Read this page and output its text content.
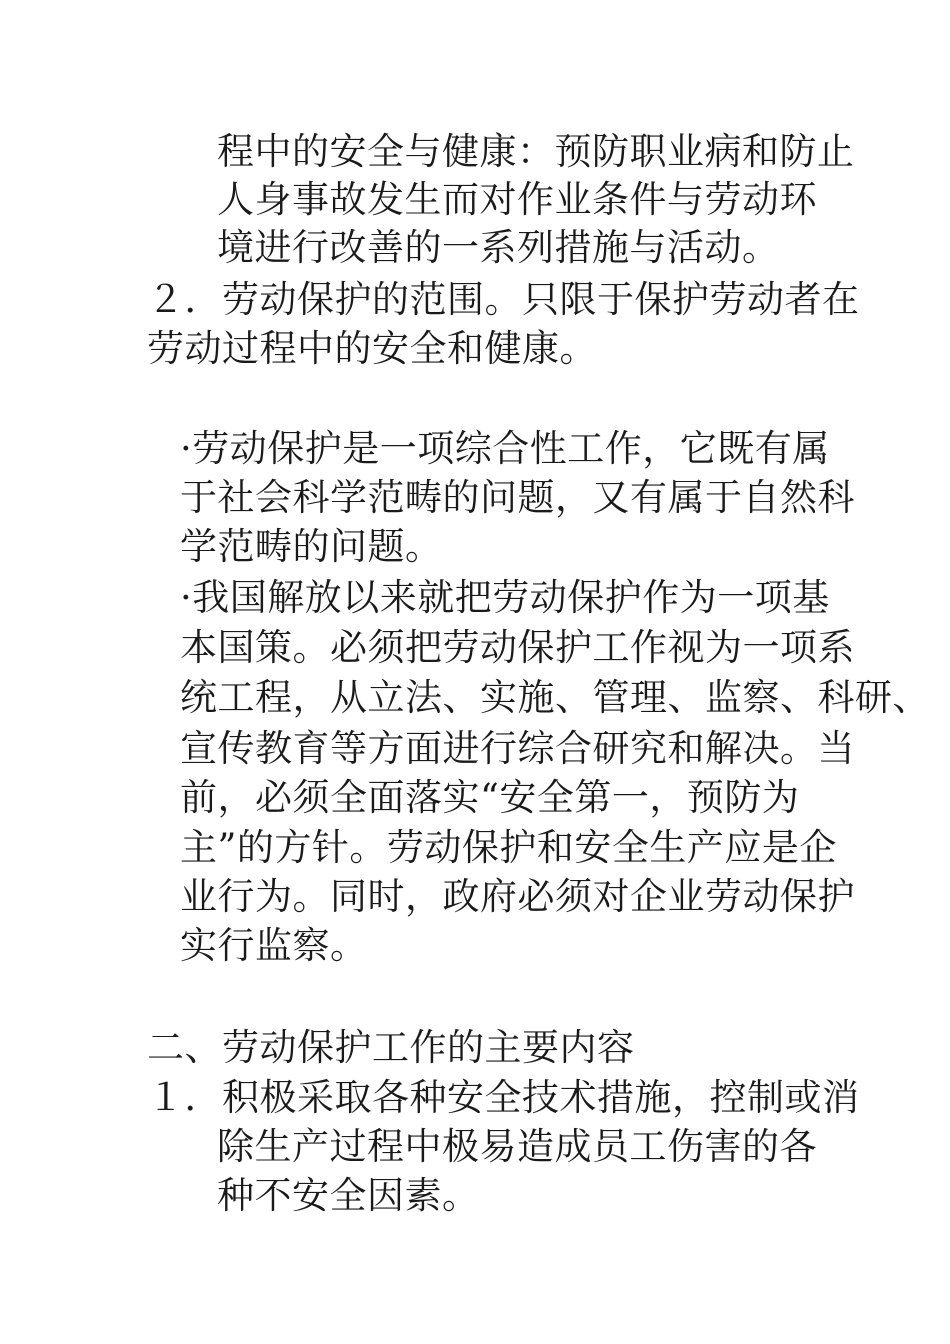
程中的安全与健康：预防职业病和防止
人身事故发生而对作业条件与劳动环
境进行改善的一系列措施与活动。
２．劳动保护的范围。只限于保护劳动者在
劳动过程中的安全和健康。
·劳动保护是一项综合性工作，它既有属
于社会科学范畴的问题，又有属于自然科
学范畴的问题。
·我国解放以来就把劳动保护作为一项基
本国策。必须把劳动保护工作视为一项系
统工程，从立法、实施、管理、监察、科研、
宣传教育等方面进行综合研究和解决。当
前，必须全面落实“安全第一，预防为
主”的方针。劳动保护和安全生产应是企
业行为。同时，政府必须对企业劳动保护
实行监察。
二、劳动保护工作的主要内容
１．积极采取各种安全技术措施，控制或消
除生产过程中极易造成员工伤害的各
种不安全因素。
